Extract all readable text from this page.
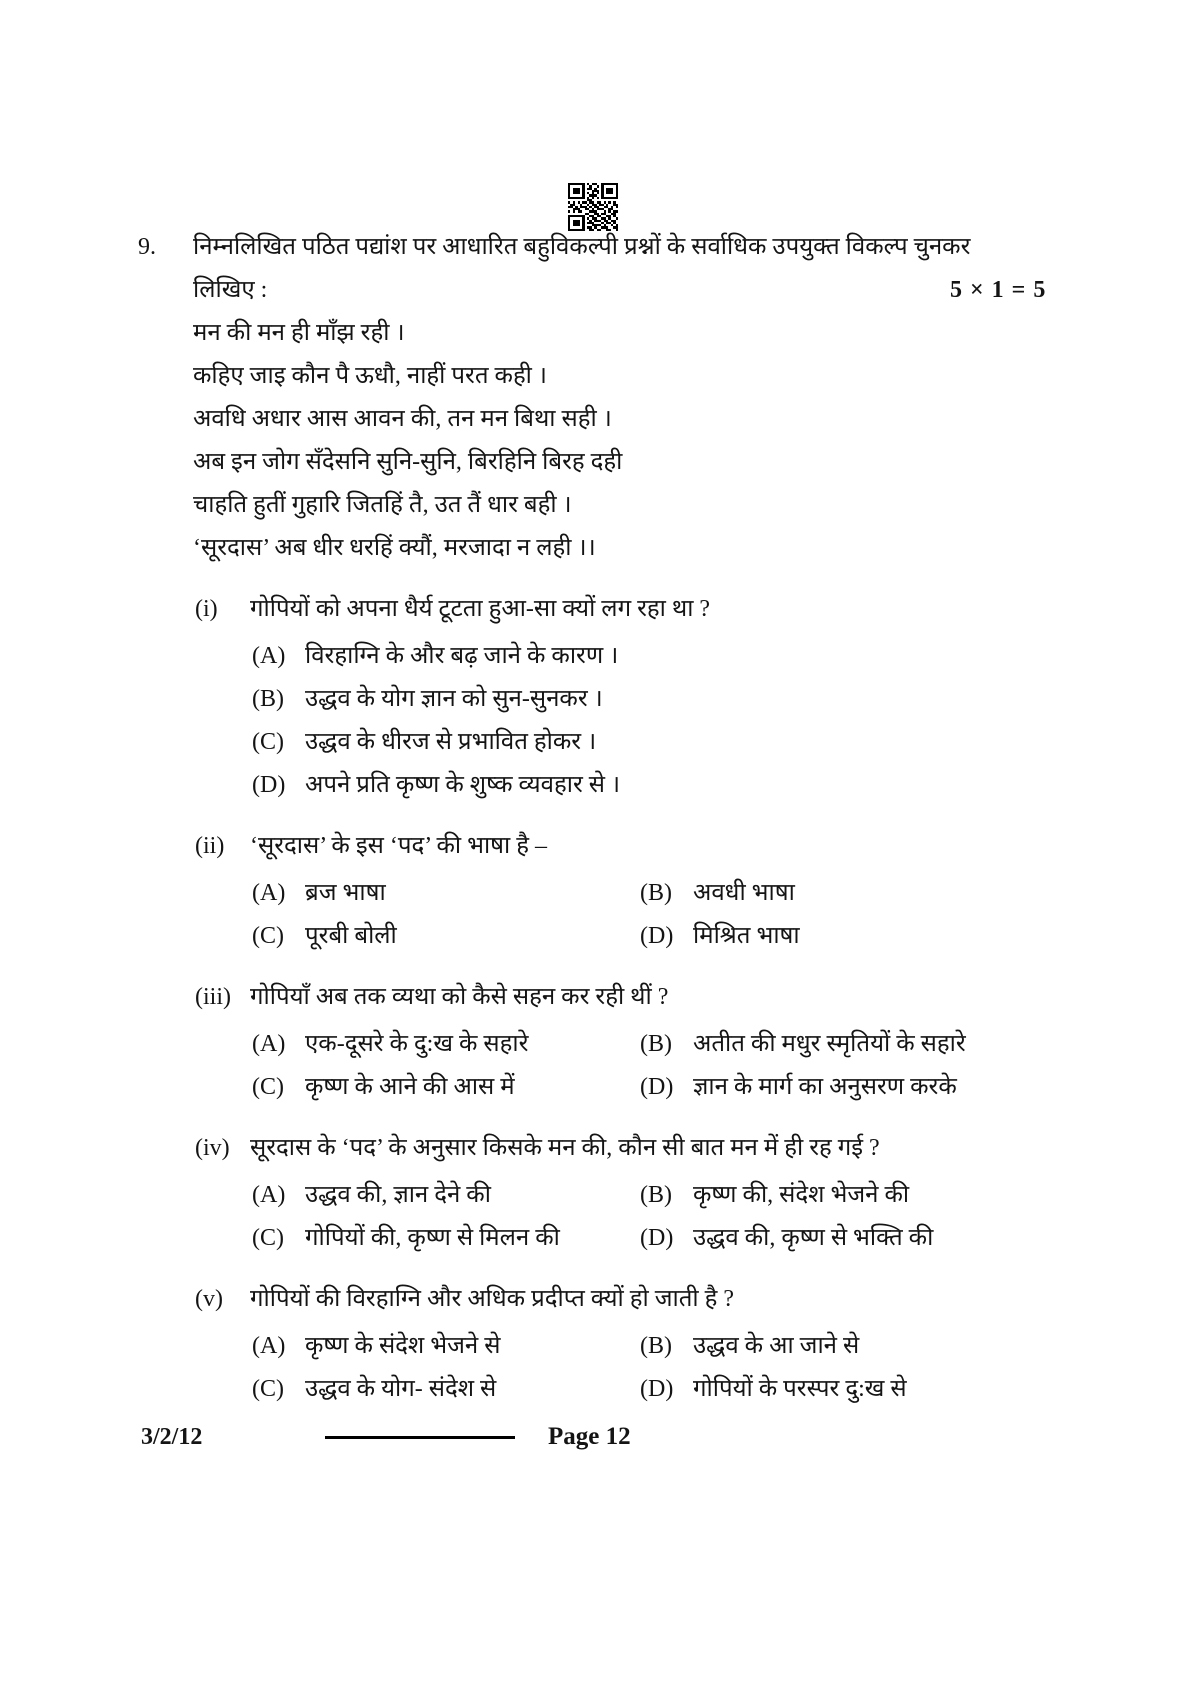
9. निम्नलिखित पठित पद्यांश पर आधारित बहुविकल्पी प्रश्नों के सर्वाधिक उपयुक्त विकल्प चुनकर
लिखिए :	5 × 1 = 5
मन की मन ही माँझ रही ।
कहिए जाइ कौन पै ऊधौ, नाहीं परत कही ।
अवधि अधार आस आवन की, तन मन बिथा सही ।
अब इन जोग सँदेसनि सुनि-सुनि, बिरहिनि बिरह दही
चाहति हुतीं गुहारि जितहिं तै, उत तैं धार बही ।
‘सूरदास’ अब धीर धरहिं क्यौं, मरजादा न लही ।।
(i) गोपियों को अपना धैर्य टूटता हुआ-सा क्यों लग रहा था ?
(A) विरहाग्नि के और बढ़ जाने के कारण ।
(B) उद्धव के योग ज्ञान को सुन-सुनकर ।
(C) उद्धव के धीरज से प्रभावित होकर ।
(D) अपने प्रति कृष्ण के शुष्क व्यवहार से ।
(ii) ‘सूरदास’ के इस ‘पद’ की भाषा है –
(A) ब्रज भाषा	(B) अवधी भाषा
(C) पूरबी बोली	(D) मिश्रित भाषा
(iii) गोपियाँ अब तक व्यथा को कैसे सहन कर रही थीं ?
(A) एक-दूसरे के दु:ख के सहारे	(B) अतीत की मधुर स्मृतियों के सहारे
(C) कृष्ण के आने की आस में	(D) ज्ञान के मार्ग का अनुसरण करके
(iv) सूरदास के ‘पद’ के अनुसार किसके मन की, कौन सी बात मन में ही रह गई ?
(A) उद्धव की, ज्ञान देने की	(B) कृष्ण की, संदेश भेजने की
(C) गोपियों की, कृष्ण से मिलन की	(D) उद्धव की, कृष्ण से भक्ति की
(v) गोपियों की विरहाग्नि और अधिक प्रदीप्त क्यों हो जाती है ?
(A) कृष्ण के संदेश भेजने से	(B) उद्धव के आ जाने से
(C) उद्धव के योग- संदेश से	(D) गोपियों के परस्पर दु:ख से
3/2/12	Page 12
